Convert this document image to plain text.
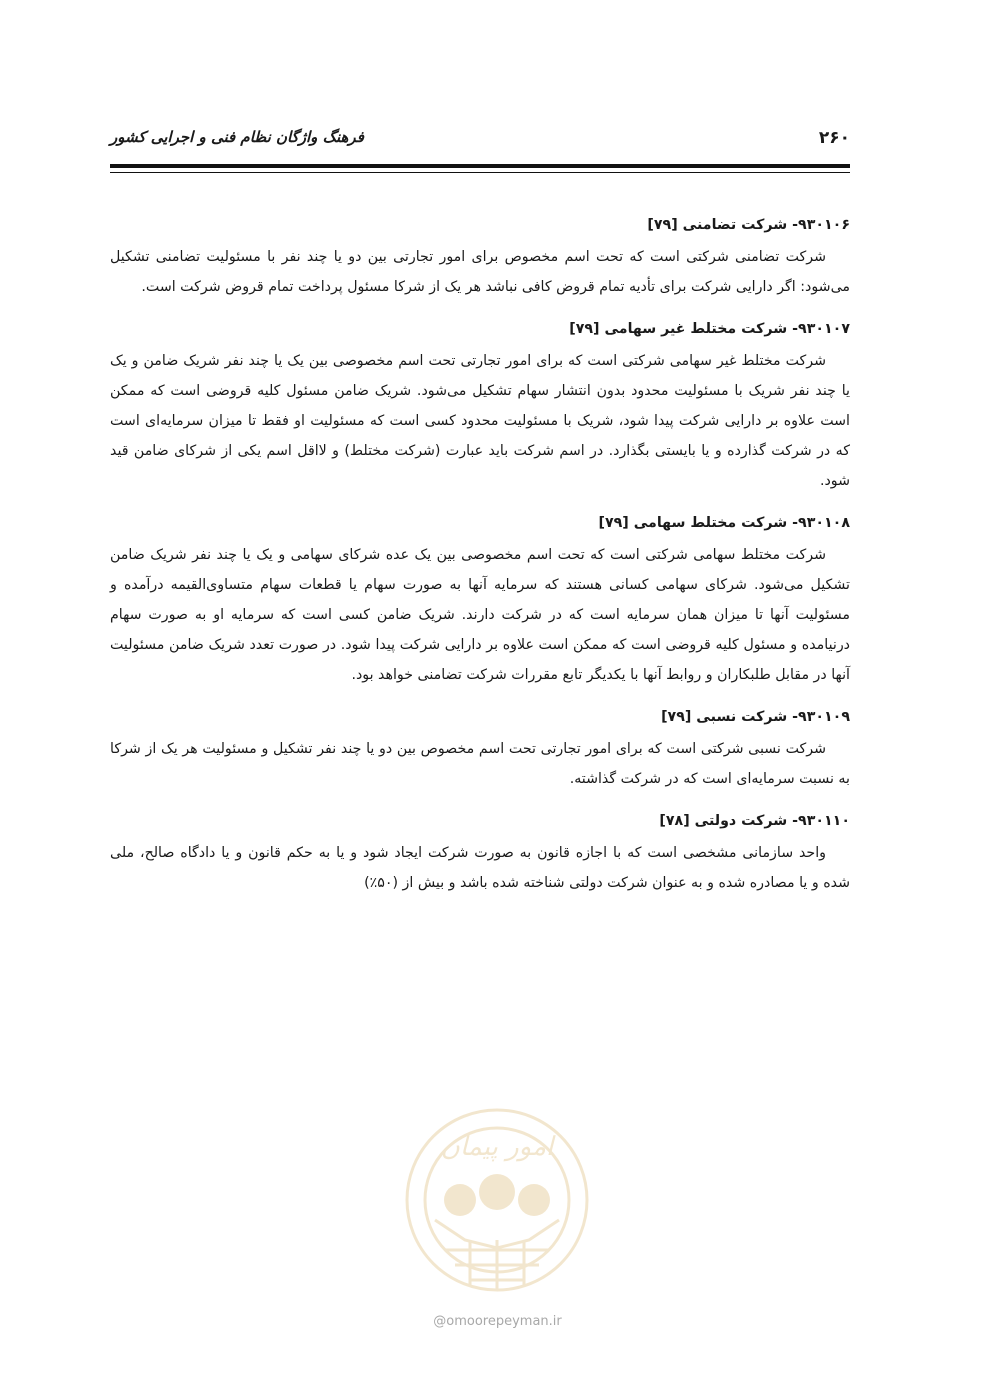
۲۶۰
فرهنگ واژگان نظام فنی و اجرایی کشور
۹۳۰۱۰۶- شرکت تضامنی [۷۹]
شرکت تضامنی شرکتی است که تحت اسم مخصوص برای امور تجارتی بین دو یا چند نفر با مسئولیت تضامنی تشکیل می‌شود: اگر دارایی شرکت برای تأدیه تمام قروض کافی نباشد هر یک از شرکا مسئول پرداخت تمام قروض شرکت است.
۹۳۰۱۰۷- شرکت مختلط غیر سهامی [۷۹]
شرکت مختلط غیر سهامی شرکتی است که برای امور تجارتی تحت اسم مخصوصی بین یک یا چند نفر شریک ضامن و یک یا چند نفر شریک با مسئولیت محدود بدون انتشار سهام تشکیل می‌شود. شریک ضامن مسئول کلیه قروضی است که ممکن است علاوه بر دارایی شرکت پیدا شود، شریک با مسئولیت محدود کسی است که مسئولیت او فقط تا میزان سرمایه‌ای است که در شرکت گذارده و یا بایستی بگذارد. در اسم شرکت باید عبارت (شرکت مختلط) و لااقل اسم یکی از شرکای ضامن قید شود.
۹۳۰۱۰۸- شرکت مختلط سهامی [۷۹]
شرکت مختلط سهامی شرکتی است که تحت اسم مخصوصی بین یک عده شرکای سهامی و یک یا چند نفر شریک ضامن تشکیل می‌شود. شرکای سهامی کسانی هستند که سرمایه آنها به صورت سهام یا قطعات سهام متساوی‌القیمه درآمده و مسئولیت آنها تا میزان همان سرمایه است که در شرکت دارند. شریک ضامن کسی است که سرمایه او به صورت سهام درنیامده و مسئول کلیه قروضی است که ممکن است علاوه بر دارایی شرکت پیدا شود. در صورت تعدد شریک ضامن مسئولیت آنها در مقابل طلبکاران و روابط آنها با یکدیگر تابع مقررات شرکت تضامنی خواهد بود.
۹۳۰۱۰۹- شرکت نسبی [۷۹]
شرکت نسبی شرکتی است که برای امور تجارتی تحت اسم مخصوص بین دو یا چند نفر تشکیل و مسئولیت هر یک از شرکا به نسبت سرمایه‌ای است که در شرکت گذاشته.
۹۳۰۱۱۰- شرکت دولتی [۷۸]
واحد سازمانی مشخصی است که با اجازه قانون به صورت شرکت ایجاد شود و یا به حکم قانون و یا دادگاه صالح، ملی شده و یا مصادره شده و به عنوان شرکت دولتی شناخته شده باشد و بیش از (۵۰٪)
امور پیمان
@omoorepeyman.ir
